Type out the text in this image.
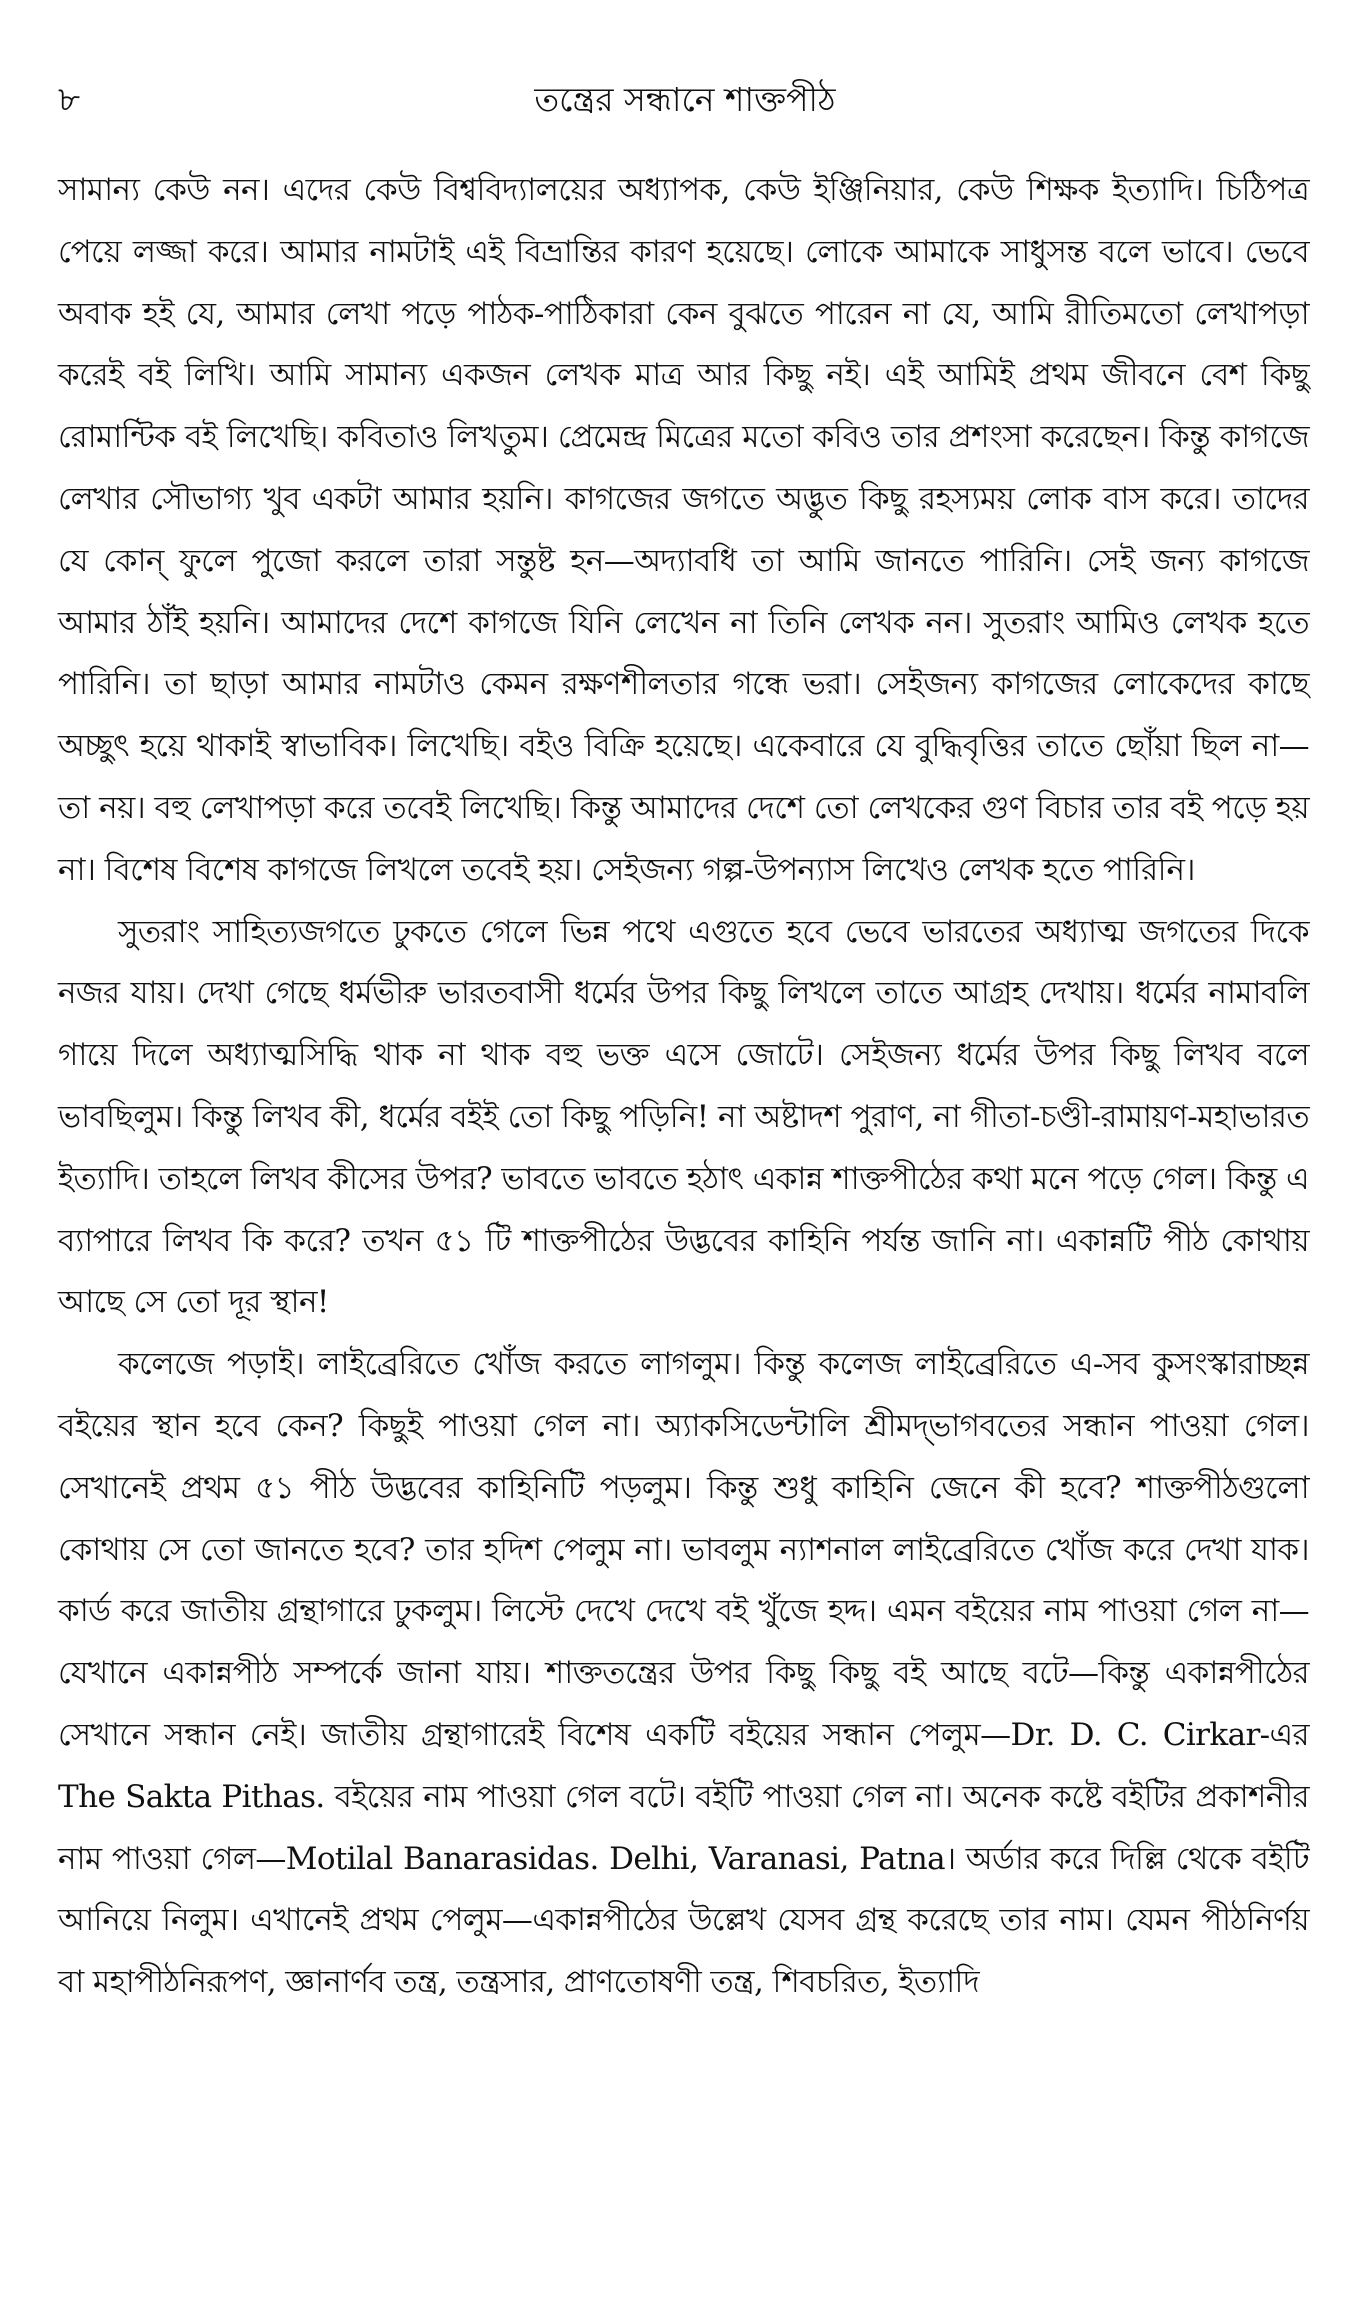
৮	তন্ত্রের সন্ধানে শাক্তপীঠ

সামান্য কেউ নন। এদের কেউ বিশ্ববিদ্যালয়ের অধ্যাপক, কেউ ইঞ্জিনিয়ার, কেউ শিক্ষক ইত্যাদি। চিঠিপত্র পেয়ে লজ্জা করে। আমার নামটাই এই বিভ্রান্তির কারণ হয়েছে। লোকে আমাকে সাধুসন্ত বলে ভাবে। ভেবে অবাক হই যে, আমার লেখা পড়ে পাঠক-পাঠিকারা কেন বুঝতে পারেন না যে, আমি রীতিমতো লেখাপড়া করেই বই লিখি। আমি সামান্য একজন লেখক মাত্র আর কিছু নই। এই আমিই প্রথম জীবনে বেশ কিছু রোমান্টিক বই লিখেছি। কবিতাও লিখতুম। প্রেমেন্দ্র মিত্রের মতো কবিও তার প্রশংসা করেছেন। কিন্তু কাগজে লেখার সৌভাগ্য খুব একটা আমার হয়নি। কাগজের জগতে অদ্ভুত কিছু রহস্যময় লোক বাস করে। তাদের যে কোন্ ফুলে পুজো করলে তারা সন্তুষ্ট হন—অদ্যাবধি তা আমি জানতে পারিনি। সেই জন্য কাগজে আমার ঠাঁই হয়নি। আমাদের দেশে কাগজে যিনি লেখেন না তিনি লেখক নন। সুতরাং আমিও লেখক হতে পারিনি। তা ছাড়া আমার নামটাও কেমন রক্ষণশীলতার গন্ধে ভরা। সেইজন্য কাগজের লোকেদের কাছে অচ্ছুৎ হয়ে থাকাই স্বাভাবিক। লিখেছি। বইও বিক্রি হয়েছে। একেবারে যে বুদ্ধিবৃত্তির তাতে ছোঁয়া ছিল না—তা নয়। বহু লেখাপড়া করে তবেই লিখেছি। কিন্তু আমাদের দেশে তো লেখকের গুণ বিচার তার বই পড়ে হয় না। বিশেষ বিশেষ কাগজে লিখলে তবেই হয়। সেইজন্য গল্প-উপন্যাস লিখেও লেখক হতে পারিনি।

সুতরাং সাহিত্যজগতে ঢুকতে গেলে ভিন্ন পথে এগুতে হবে ভেবে ভারতের অধ্যাত্ম জগতের দিকে নজর যায়। দেখা গেছে ধর্মভীরু ভারতবাসী ধর্মের উপর কিছু লিখলে তাতে আগ্রহ দেখায়। ধর্মের নামাবলি গায়ে দিলে অধ্যাত্মসিদ্ধি থাক না থাক বহু ভক্ত এসে জোটে। সেইজন্য ধর্মের উপর কিছু লিখব বলে ভাবছিলুম। কিন্তু লিখব কী, ধর্মের বইই তো কিছু পড়িনি! না অষ্টাদশ পুরাণ, না গীতা-চণ্ডী-রামায়ণ-মহাভারত ইত্যাদি। তাহলে লিখব কীসের উপর? ভাবতে ভাবতে হঠাৎ একান্ন শাক্তপীঠের কথা মনে পড়ে গেল। কিন্তু এ ব্যাপারে লিখব কি করে? তখন ৫১ টি শাক্তপীঠের উদ্ভবের কাহিনি পর্যন্ত জানি না। একান্নটি পীঠ কোথায় আছে সে তো দূর স্থান!

কলেজে পড়াই। লাইব্রেরিতে খোঁজ করতে লাগলুম। কিন্তু কলেজ লাইব্রেরিতে এ-সব কুসংস্কারাচ্ছন্ন বইয়ের স্থান হবে কেন? কিছুই পাওয়া গেল না। অ্যাকসিডেন্টালি শ্রীমদ্‌ভাগবতের সন্ধান পাওয়া গেল। সেখানেই প্রথম ৫১ পীঠ উদ্ভবের কাহিনিটি পড়লুম। কিন্তু শুধু কাহিনি জেনে কী হবে? শাক্তপীঠগুলো কোথায় সে তো জানতে হবে? তার হদিশ পেলুম না। ভাবলুম ন্যাশনাল লাইব্রেরিতে খোঁজ করে দেখা যাক। কার্ড করে জাতীয় গ্রন্থাগারে ঢুকলুম। লিস্টে দেখে দেখে বই খুঁজে হদ্দ। এমন বইয়ের নাম পাওয়া গেল না—যেখানে একান্নপীঠ সম্পর্কে জানা যায়। শাক্ততন্ত্রের উপর কিছু কিছু বই আছে বটে—কিন্তু একান্নপীঠের সেখানে সন্ধান নেই। জাতীয় গ্রন্থাগারেই বিশেষ একটি বইয়ের সন্ধান পেলুম—Dr. D. C. Cirkar-এর The Sakta Pithas. বইয়ের নাম পাওয়া গেল বটে। বইটি পাওয়া গেল না। অনেক কষ্টে বইটির প্রকাশনীর নাম পাওয়া গেল—Motilal Banarasidas. Delhi, Varanasi, Patna। অর্ডার করে দিল্লি থেকে বইটি আনিয়ে নিলুম। এখানেই প্রথম পেলুম—একান্নপীঠের উল্লেখ যেসব গ্রন্থ করেছে তার নাম। যেমন পীঠনির্ণয় বা মহাপীঠনিরূপণ, জ্ঞানার্ণব তন্ত্র, তন্ত্রসার, প্রাণতোষণী তন্ত্র, শিবচরিত, ইত্যাদি
